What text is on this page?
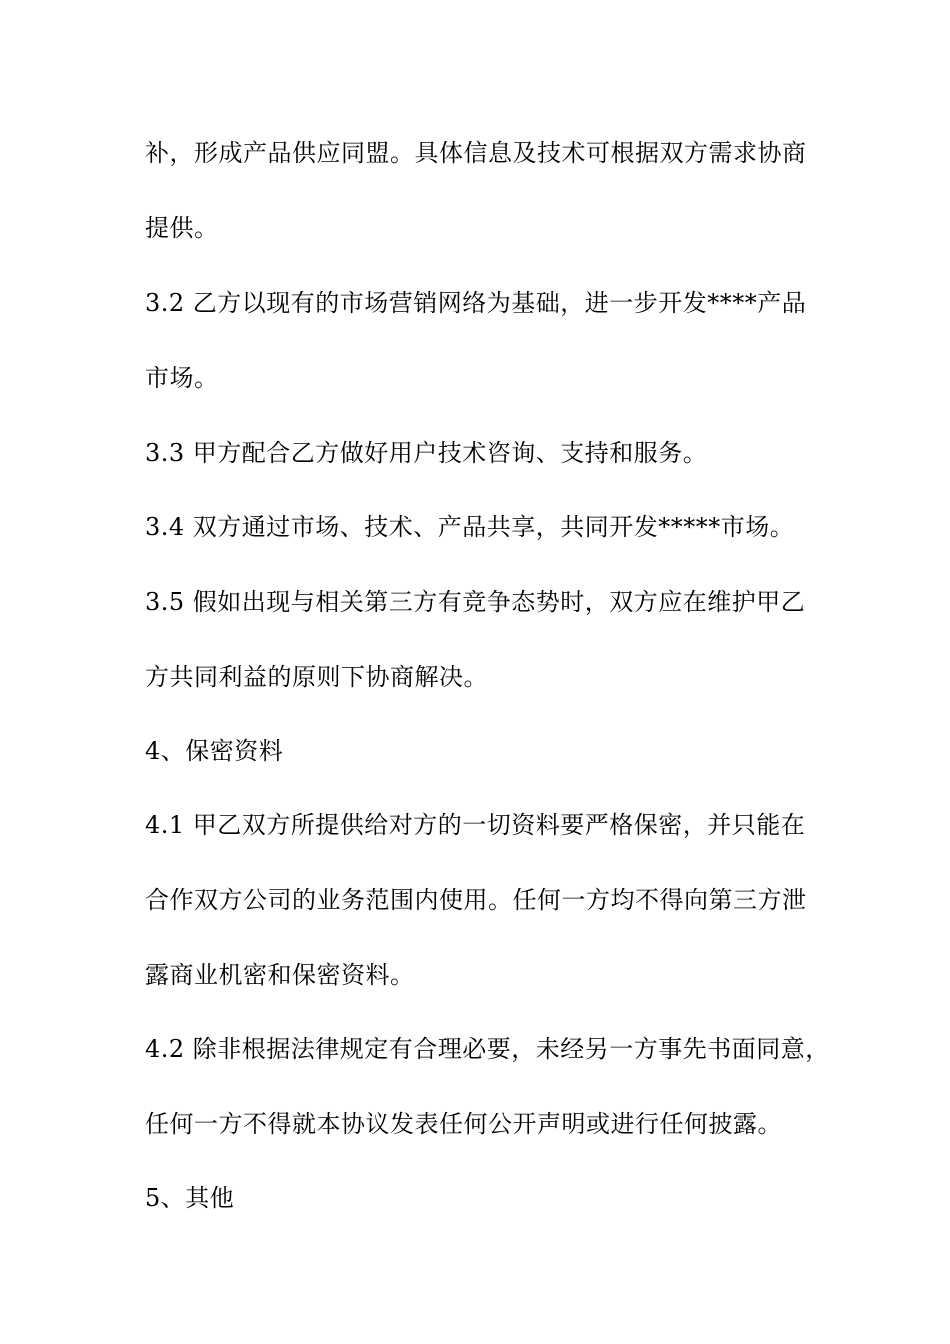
补，形成产品供应同盟。具体信息及技术可根据双方需求协商
提供。
3.2 乙方以现有的市场营销网络为基础，进一步开发****产品
市场。
3.3 甲方配合乙方做好用户技术咨询、支持和服务。
3.4 双方通过市场、技术、产品共享，共同开发*****市场。
3.5 假如出现与相关第三方有竞争态势时，双方应在维护甲乙
方共同利益的原则下协商解决。
4、保密资料
4.1 甲乙双方所提供给对方的一切资料要严格保密，并只能在
合作双方公司的业务范围内使用。任何一方均不得向第三方泄
露商业机密和保密资料。
4.2 除非根据法律规定有合理必要，未经另一方事先书面同意，
任何一方不得就本协议发表任何公开声明或进行任何披露。
5、其他
